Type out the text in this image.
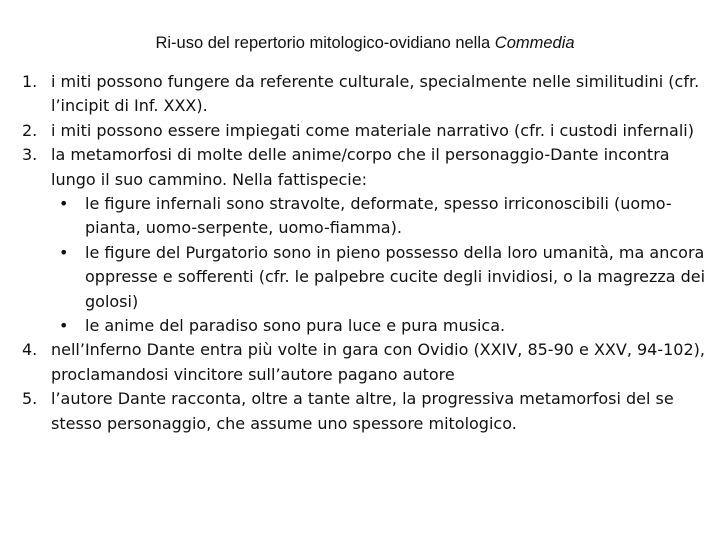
Ri-uso del repertorio mitologico-ovidiano nella Commedia
1. i miti possono fungere da referente culturale, specialmente nelle similitudini (cfr. l’incipit di Inf. XXX).
2. i miti possono essere impiegati come materiale narrativo (cfr. i custodi infernali)
3. la metamorfosi di molte delle anime/corpo che il personaggio-Dante incontra lungo il suo cammino. Nella fattispecie:
• le figure infernali sono stravolte, deformate, spesso irriconoscibili (uomo-pianta, uomo-serpente, uomo-fiamma).
• le figure del Purgatorio sono in pieno possesso della loro umanità, ma ancora oppresse e sofferenti (cfr. le palpebre cucite degli invidiosi, o la magrezza dei golosi)
• le anime del paradiso sono pura luce e pura musica.
4. nell’Inferno Dante entra più volte in gara con Ovidio (XXIV, 85-90 e XXV, 94-102), proclamandosi vincitore sull’autore pagano autore
5. l’autore Dante racconta, oltre a tante altre, la progressiva metamorfosi del se stesso personaggio, che assume uno spessore mitologico.
